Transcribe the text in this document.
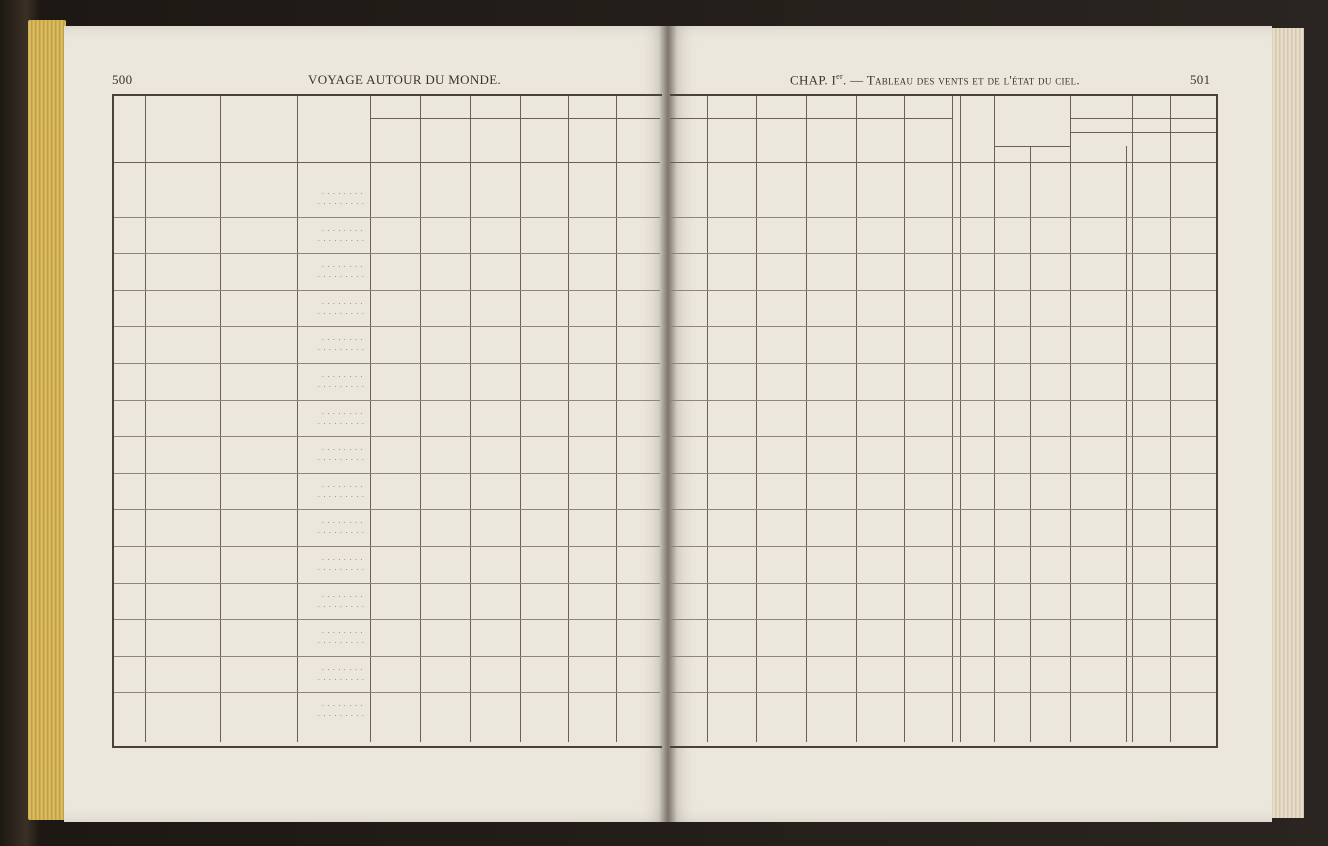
500	VOYAGE AUTOUR DU MONDE.	CHAP. Ier. — Tableau des vents et de l'état du ciel.	501
. . . . . . . .
. . . . . . . . .
. . . . . . . .
. . . . . . . . .
. . . . . . . .
. . . . . . . . .
. . . . . . . .
. . . . . . . . .
. . . . . . . .
. . . . . . . . .
. . . . . . . .
. . . . . . . . .
. . . . . . . .
. . . . . . . . .
. . . . . . . .
. . . . . . . . .
. . . . . . . .
. . . . . . . . .
. . . . . . . .
. . . . . . . . .
. . . . . . . .
. . . . . . . . .
. . . . . . . .
. . . . . . . . .
. . . . . . . .
. . . . . . . . .
. . . . . . . .
. . . . . . . . .
. . . . . . . .
. . . . . . . . .
